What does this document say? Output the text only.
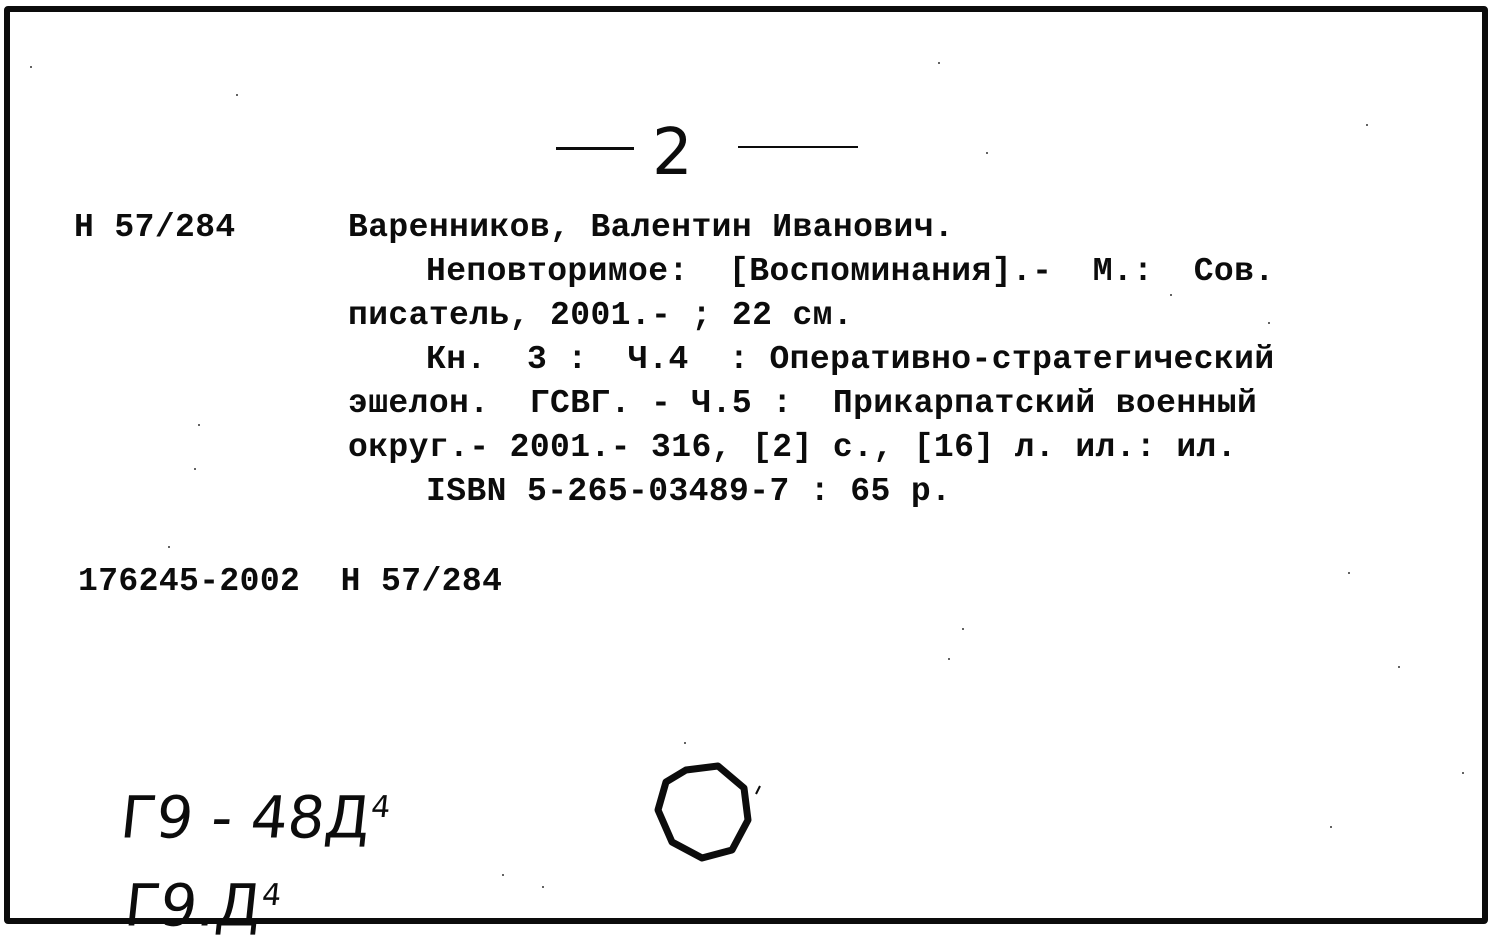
2
Н 57/284	Варенников, Валентин Иванович.
Неповторимое:  [Воспоминания].-  М.:  Сов.
писатель, 2001.- ; 22 см.
Кн.  3 :  Ч.4  : Оперативно-стратегический
эшелон.  ГСВГ. - Ч.5 :  Прикарпатский военный
округ.- 2001.- 316, [2] с., [16] л. ил.: ил.
ISBN 5-265-03489-7 : 65 р.
176245-2002  Н 57/284

$Г9 - 48Д^4$

$Г9.Д^4$
